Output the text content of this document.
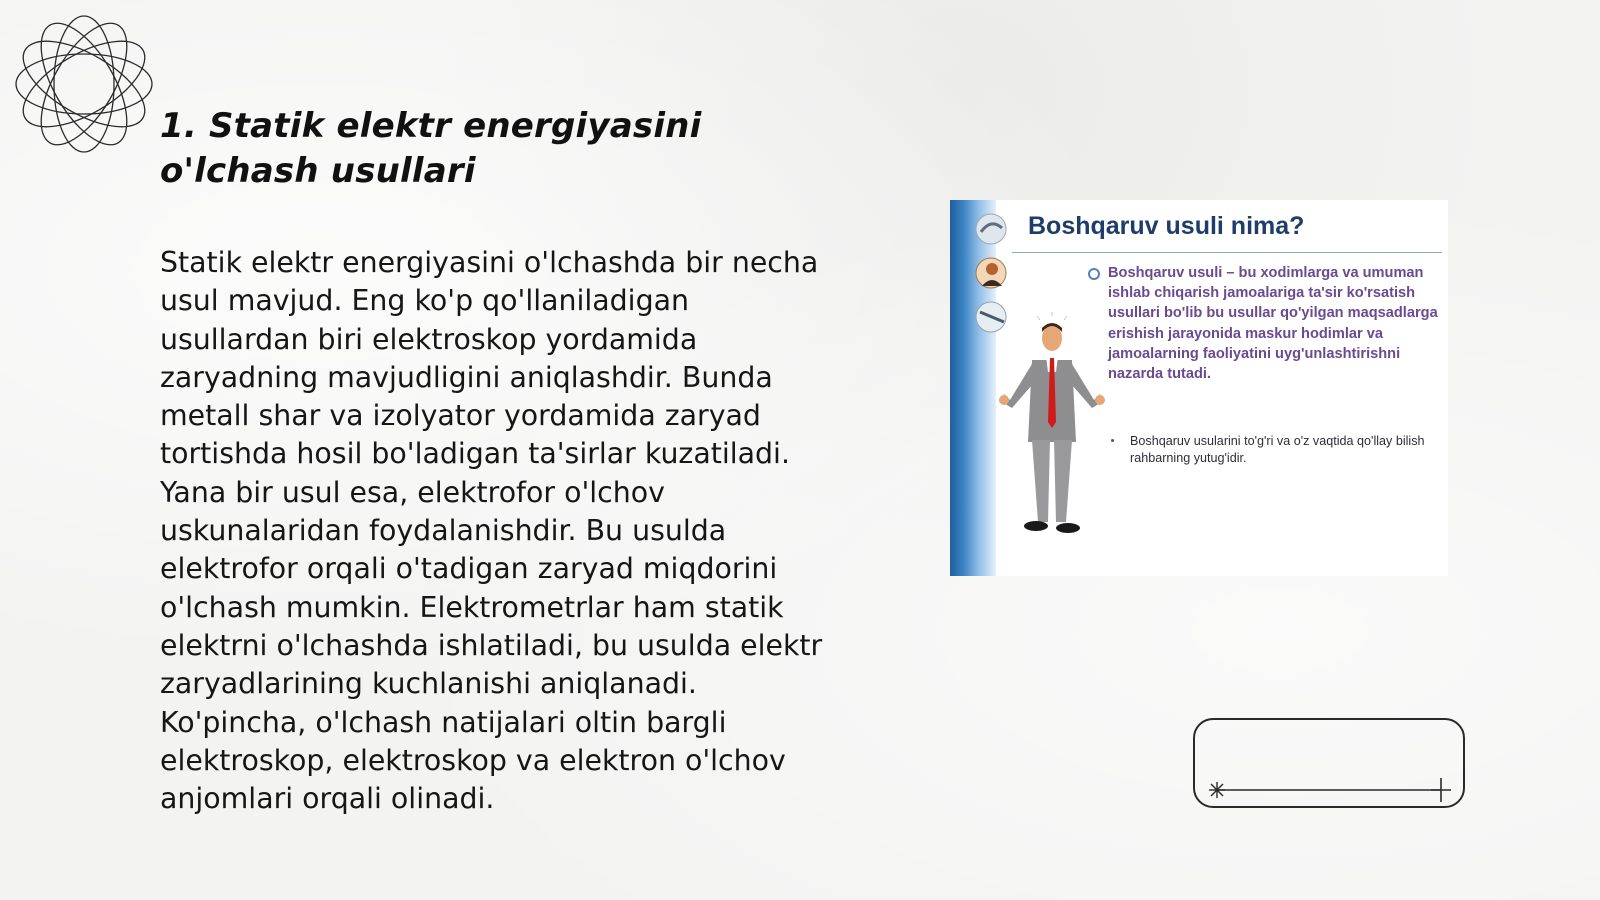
1. Statik elektr energiyasini o'lchash usullari

Statik elektr energiyasini o'lchashda bir necha usul mavjud. Eng ko'p qo'llaniladigan usullardan biri elektroskop yordamida zaryadning mavjudligini aniqlashdir. Bunda metall shar va izolyator yordamida zaryad tortishda hosil bo'ladigan ta'sirlar kuzatiladi. Yana bir usul esa, elektrofor o'lchov uskunalaridan foydalanishdir. Bu usulda elektrofor orqali o'tadigan zaryad miqdorini o'lchash mumkin. Elektrometrlar ham statik elektrni o'lchashda ishlatiladi, bu usulda elektr zaryadlarining kuchlanishi aniqlanadi. Ko'pincha, o'lchash natijalari oltin bargli elektroskop, elektroskop va elektron o'lchov anjomlari orqali olinadi.

Boshqaruv usuli nima?
Boshqaruv usuli – bu xodimlarga va umuman ishlab chiqarish jamoalariga ta'sir ko'rsatish usullari bo'lib bu usullar qo'yilgan maqsadlarga erishish jarayonida maskur hodimlar va jamoalarning faoliyatini uyg'unlashtirishni nazarda tutadi.
Boshqaruv usularini to'g'ri va o'z vaqtida qo'llay bilish rahbarning yutug'idir.
